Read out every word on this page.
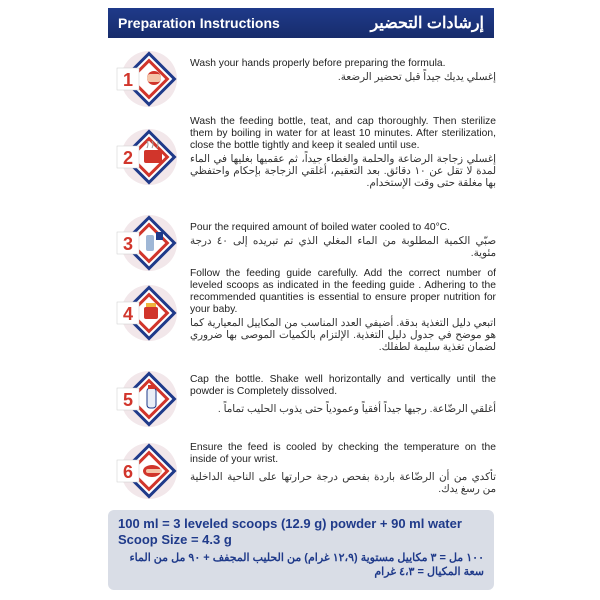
Preparation Instructions	إرشادات التحضير
1
Wash your hands properly before preparing the formula.
إغسلي يديك جيداً قبل تحضير الرضعة.
2
Wash the feeding bottle, teat, and cap thoroughly. Then sterilize them by boiling in water for at least 10 minutes. After sterilization, close the bottle tightly and keep it sealed until use.
إغسلي زجاجة الرضاعة والحلمة والغطاء جيداً، ثم عقميها بغليها في الماء لمدة لا تقل عن ١٠ دقائق. بعد التعقيم، أغلقي الزجاجة بإحكام واحتفظي بها مغلقة حتى وقت الإستخدام.
3
Pour the required amount of boiled water cooled to 40°C.
صبّي الكمية المطلوبة من الماء المغلي الذي تم تبريده إلى ٤٠ درجة مئوية.
4
Follow the feeding guide carefully. Add the correct number of leveled scoops as indicated in the feeding guide . Adhering to the recommended quantities is essential to ensure proper nutrition for your baby.
اتبعي دليل التغذية بدقة. أضيفي العدد المناسب من المكاييل المعيارية كما هو موضح في جدول دليل التغذية. الإلتزام بالكميات الموصى بها ضروري لضمان تغذية سليمة لطفلك.
5
Cap the bottle. Shake well horizontally and vertically until the powder is Completely dissolved.
أغلقي الرضّاعة. رجيها جيداً أفقياً وعمودياً حتى يذوب الحليب تماماً .
6
Ensure the feed is cooled by checking the temperature on the inside of your wrist.
تأكدي من أن الرضّاعة باردة بفحص درجة حرارتها على الناحية الداخلية من رسغ يدك.
100 ml = 3 leveled scoops (12.9 g) powder + 90 ml water
Scoop Size = 4.3 g
١٠٠ مل = ٣ مكاييل مستوية (١٢،٩ غرام) من الحليب المجفف + ٩٠ مل من الماء
سعة المكيال = ٤،٣ غرام
